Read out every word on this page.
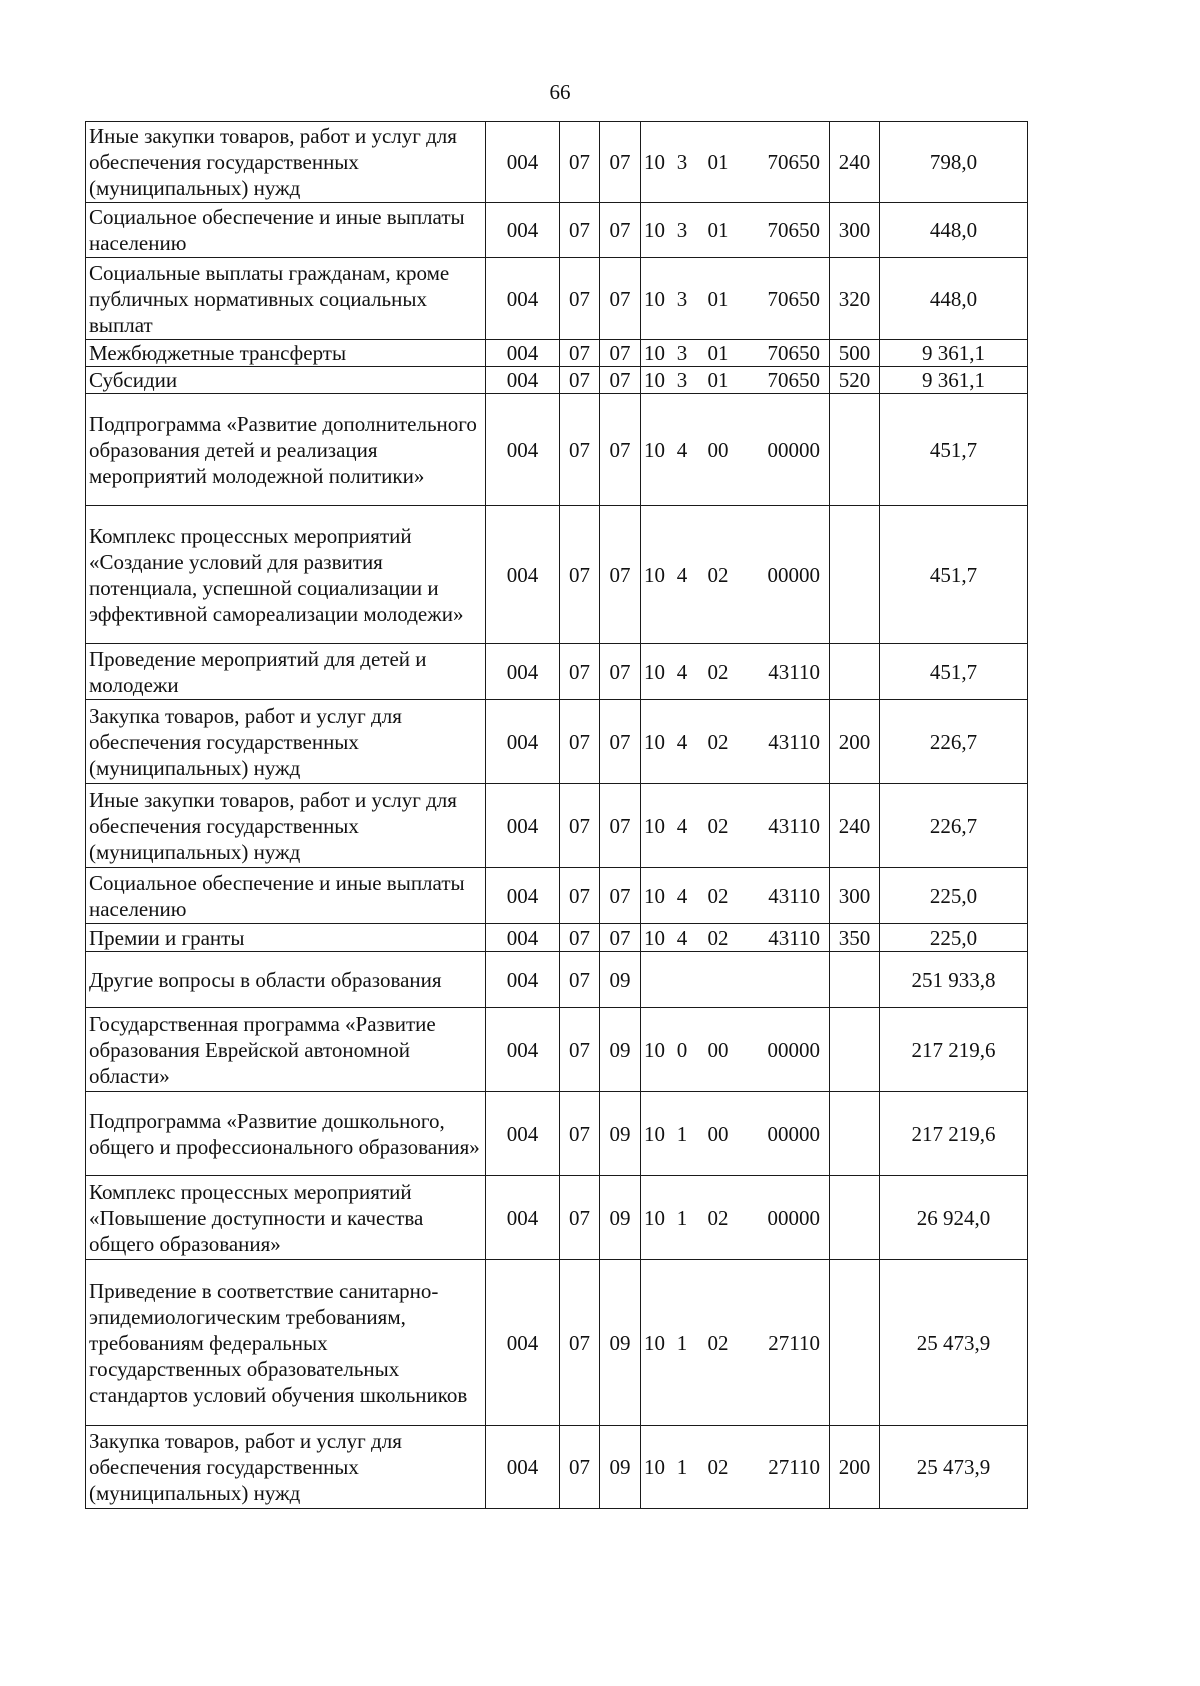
66
Иные закупки товаров, работ и услуг для обеспечения государственных (муниципальных) нужд	004	07	07	10 3 01 70650	240	798,0
Социальное обеспечение и иные выплаты населению	004	07	07	10 3 01 70650	300	448,0
Социальные выплаты гражданам, кроме публичных нормативных социальных выплат	004	07	07	10 3 01 70650	320	448,0
Межбюджетные трансферты	004	07	07	10 3 01 70650	500	9 361,1
Субсидии	004	07	07	10 3 01 70650	520	9 361,1
Подпрограмма «Развитие дополнительного образования детей и реализация мероприятий молодежной политики»	004	07	07	10 4 00 00000		451,7
Комплекс процессных мероприятий «Создание условий для развития потенциала, успешной социализации и эффективной самореализации молодежи»	004	07	07	10 4 02 00000		451,7
Проведение мероприятий для детей и молодежи	004	07	07	10 4 02 43110		451,7
Закупка товаров, работ и услуг для обеспечения государственных (муниципальных) нужд	004	07	07	10 4 02 43110	200	226,7
Иные закупки товаров, работ и услуг для обеспечения государственных (муниципальных) нужд	004	07	07	10 4 02 43110	240	226,7
Социальное обеспечение и иные выплаты населению	004	07	07	10 4 02 43110	300	225,0
Премии и гранты	004	07	07	10 4 02 43110	350	225,0
Другие вопросы в области образования	004	07	09			251 933,8
Государственная программа «Развитие образования Еврейской автономной области»	004	07	09	10 0 00 00000		217 219,6
Подпрограмма «Развитие дошкольного, общего и профессионального образования»	004	07	09	10 1 00 00000		217 219,6
Комплекс процессных мероприятий «Повышение доступности и качества общего образования»	004	07	09	10 1 02 00000		26 924,0
Приведение в соответствие санитарно-эпидемиологическим требованиям, требованиям федеральных государственных образовательных стандартов условий обучения школьников	004	07	09	10 1 02 27110		25 473,9
Закупка товаров, работ и услуг для обеспечения государственных (муниципальных) нужд	004	07	09	10 1 02 27110	200	25 473,9
